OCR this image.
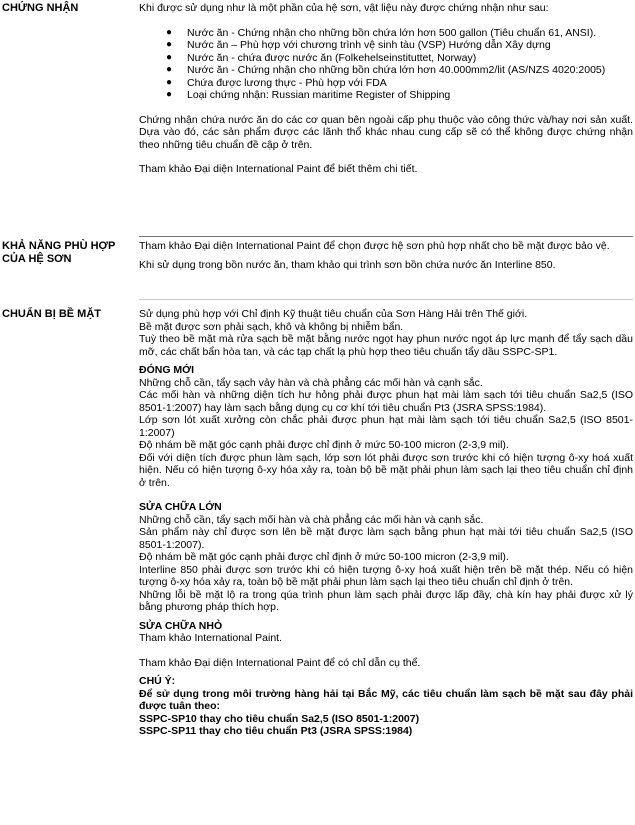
CHỨNG NHẬN	Khi được sử dụng như là một phần của hệ sơn, vật liệu này được chứng nhận như sau:

● Nước ăn - Chứng nhận cho những bồn chứa lớn hơn 500 gallon (Tiêu chuẩn 61, ANSI).
● Nước ăn – Phù hợp với chương trình vệ sinh tàu (VSP) Hướng dẫn Xây dựng
● Nước ăn - chứa được nước ăn (Folkehelseinstituttet, Norway)
● Nước ăn - Chứng nhận cho những bồn chứa lớn hơn 40.000mm2/lit (AS/NZS 4020:2005)
● Chứa được lương thực - Phù hợp với FDA
● Loại chứng nhận: Russian maritime Register of Shipping

Chứng nhận chứa nước ăn do các cơ quan bên ngoài cấp phụ thuộc vào công thức và/hay nơi sản xuất. Dựa vào đó, các sản phẩm được các lãnh thổ khác nhau cung cấp sẽ có thể không được chứng nhận theo những tiêu chuẩn đề cập ở trên.

Tham khảo Đại diện International Paint để biết thêm chi tiết.

KHẢ NĂNG PHÙ HỢP CỦA HỆ SƠN

Tham khảo Đại diện International Paint để chọn được hệ sơn phù hợp nhất cho bề mặt được bảo vệ.

Khi sử dụng trong bồn nước ăn, tham khảo qui trình sơn bồn chứa nước ăn Interline 850.

CHUẨN BỊ BỀ MẶT	Sử dụng phù hợp với Chỉ định Kỹ thuật tiêu chuẩn của Sơn Hàng Hải trên Thế giới.

Bề mặt được sơn phải sạch, khô và không bị nhiễm bẩn.

Tuỳ theo bề mặt mà rửa sạch bề mặt bằng nước ngọt hay phun nước ngọt áp lực mạnh để tẩy sạch dầu mỡ, các chất bẩn hòa tan, và các tạp chất lạ phù hợp theo tiêu chuẩn tẩy dầu SSPC-SP1.

ĐÓNG MỚI

Những chỗ cần, tẩy sạch vảy hàn và chà phẳng các mối hàn và cạnh sắc.

Các mối hàn và những diện tích hư hỏng phải được phun hạt mài làm sạch tới tiêu chuẩn Sa2,5 (ISO 8501-1:2007) hay làm sạch bằng dụng cụ cơ khí tới tiêu chuẩn Pt3 (JSRA SPSS:1984).

Lớp sơn lót xuất xưởng còn chắc phải được phun hạt mài làm sạch tới tiêu chuẩn Sa2,5 (ISO 8501-1:2007)

Độ nhám bề mặt góc cạnh phải được chỉ định ở mức 50-100 micron (2-3,9 mil).

Đối với diện tích được phun làm sạch, lớp sơn lót phải được sơn trước khi có hiện tượng ô-xy hoá xuất hiện. Nếu có hiện tượng ô-xy hóa xảy ra, toàn bộ bề mặt phải phun làm sạch lại theo tiêu chuẩn chỉ định ở trên.

SỬA CHỮA LỚN

Những chỗ cần, tẩy sạch mối hàn và chà phẳng các mối hàn và cạnh sắc.

Sản phẩm này chỉ được sơn lên bề mặt được làm sạch bằng phun hạt mài tới tiêu chuẩn Sa2,5 (ISO 8501-1:2007).

Độ nhám bề mặt góc cạnh phải được chỉ định ở mức 50-100 micron (2-3,9 mil).

Interline 850 phải được sơn trước khi có hiện tượng ô-xy hoá xuất hiện trên bề mặt thép. Nếu có hiện tượng ô-xy hóa xảy ra, toàn bộ bề mặt phải phun làm sạch lại theo tiêu chuẩn chỉ định ở trên.

Những lỗi bề mặt lộ ra trong qúa trình phun làm sạch phải được lấp đầy, chà kín hay phải được xử lý bằng phương pháp thích hợp.

SỬA CHỮA NHỎ

Tham khảo International Paint.

Tham khảo Đại diện International Paint để có chỉ dẫn cụ thể.

CHÚ Ý:

Để sử dụng trong môi trường hàng hải tại Bắc Mỹ, các tiêu chuẩn làm sạch bề mặt sau đây phải được tuân theo:

SSPC-SP10 thay cho tiêu chuẩn Sa2,5 (ISO 8501-1:2007)

SSPC-SP11 thay cho tiêu chuẩn Pt3 (JSRA SPSS:1984)
